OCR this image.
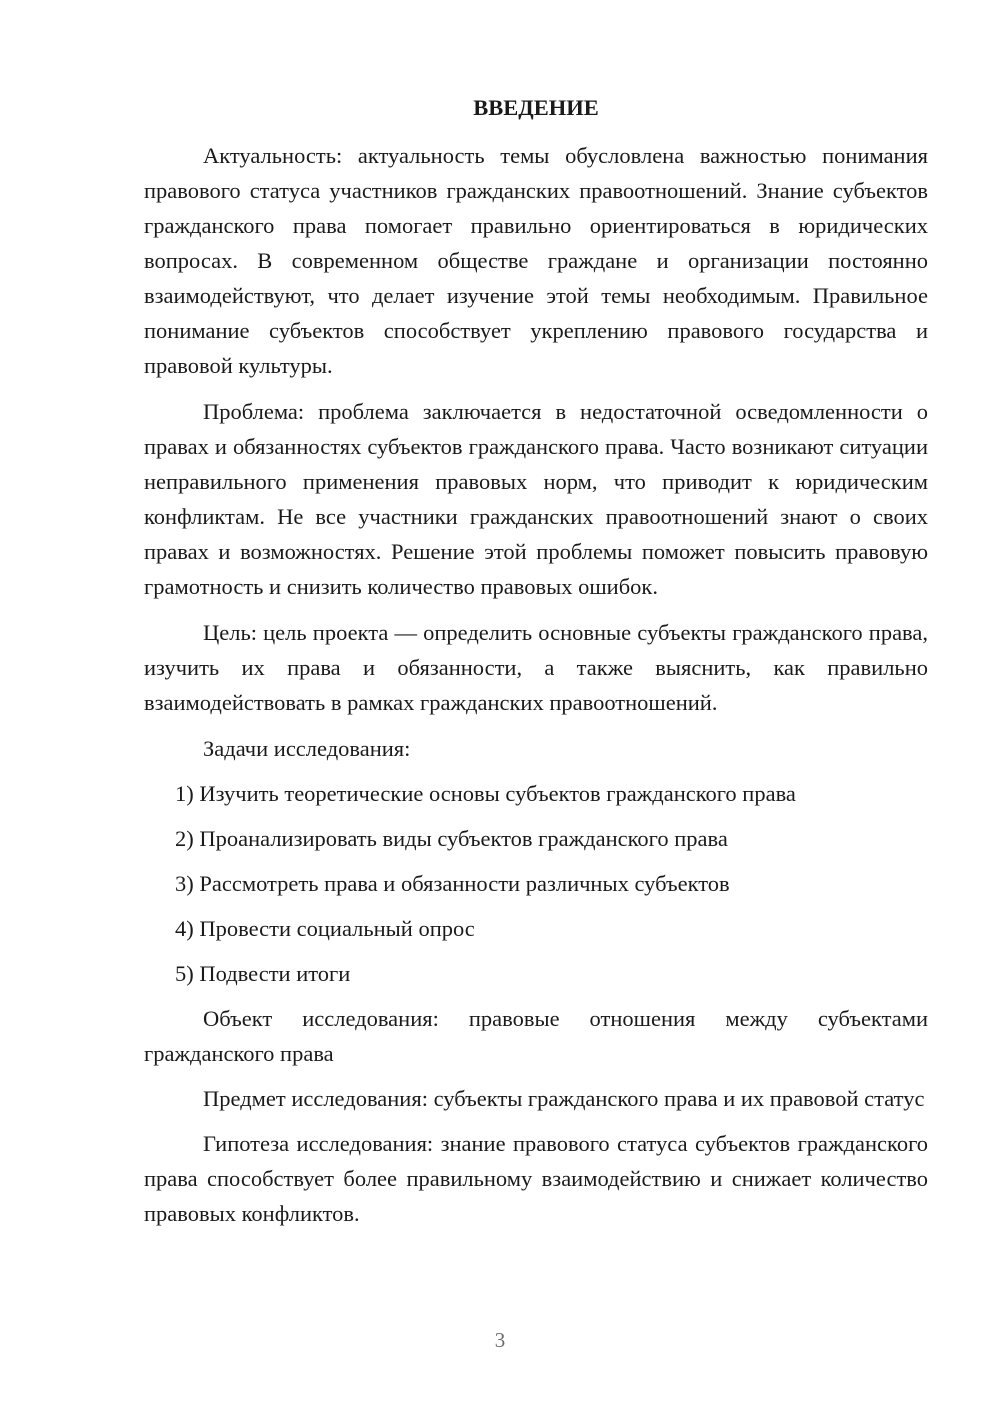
ВВЕДЕНИЕ

Актуальность: актуальность темы обусловлена важностью понимания правового статуса участников гражданских правоотношений. Знание субъектов гражданского права помогает правильно ориентироваться в юридических вопросах. В современном обществе граждане и организации постоянно взаимодействуют, что делает изучение этой темы необходимым. Правильное понимание субъектов способствует укреплению правового государства и правовой культуры.

Проблема: проблема заключается в недостаточной осведомленности о правах и обязанностях субъектов гражданского права. Часто возникают ситуации неправильного применения правовых норм, что приводит к юридическим конфликтам. Не все участники гражданских правоотношений знают о своих правах и возможностях. Решение этой проблемы поможет повысить правовую грамотность и снизить количество правовых ошибок.

Цель: цель проекта — определить основные субъекты гражданского права, изучить их права и обязанности, а также выяснить, как правильно взаимодействовать в рамках гражданских правоотношений.

Задачи исследования:

1) Изучить теоретические основы субъектов гражданского права
2) Проанализировать виды субъектов гражданского права
3) Рассмотреть права и обязанности различных субъектов
4) Провести социальный опрос
5) Подвести итоги

Объект исследования: правовые отношения между субъектами гражданского права

Предмет исследования: субъекты гражданского права и их правовой статус

Гипотеза исследования: знание правового статуса субъектов гражданского права способствует более правильному взаимодействию и снижает количество правовых конфликтов.

3
